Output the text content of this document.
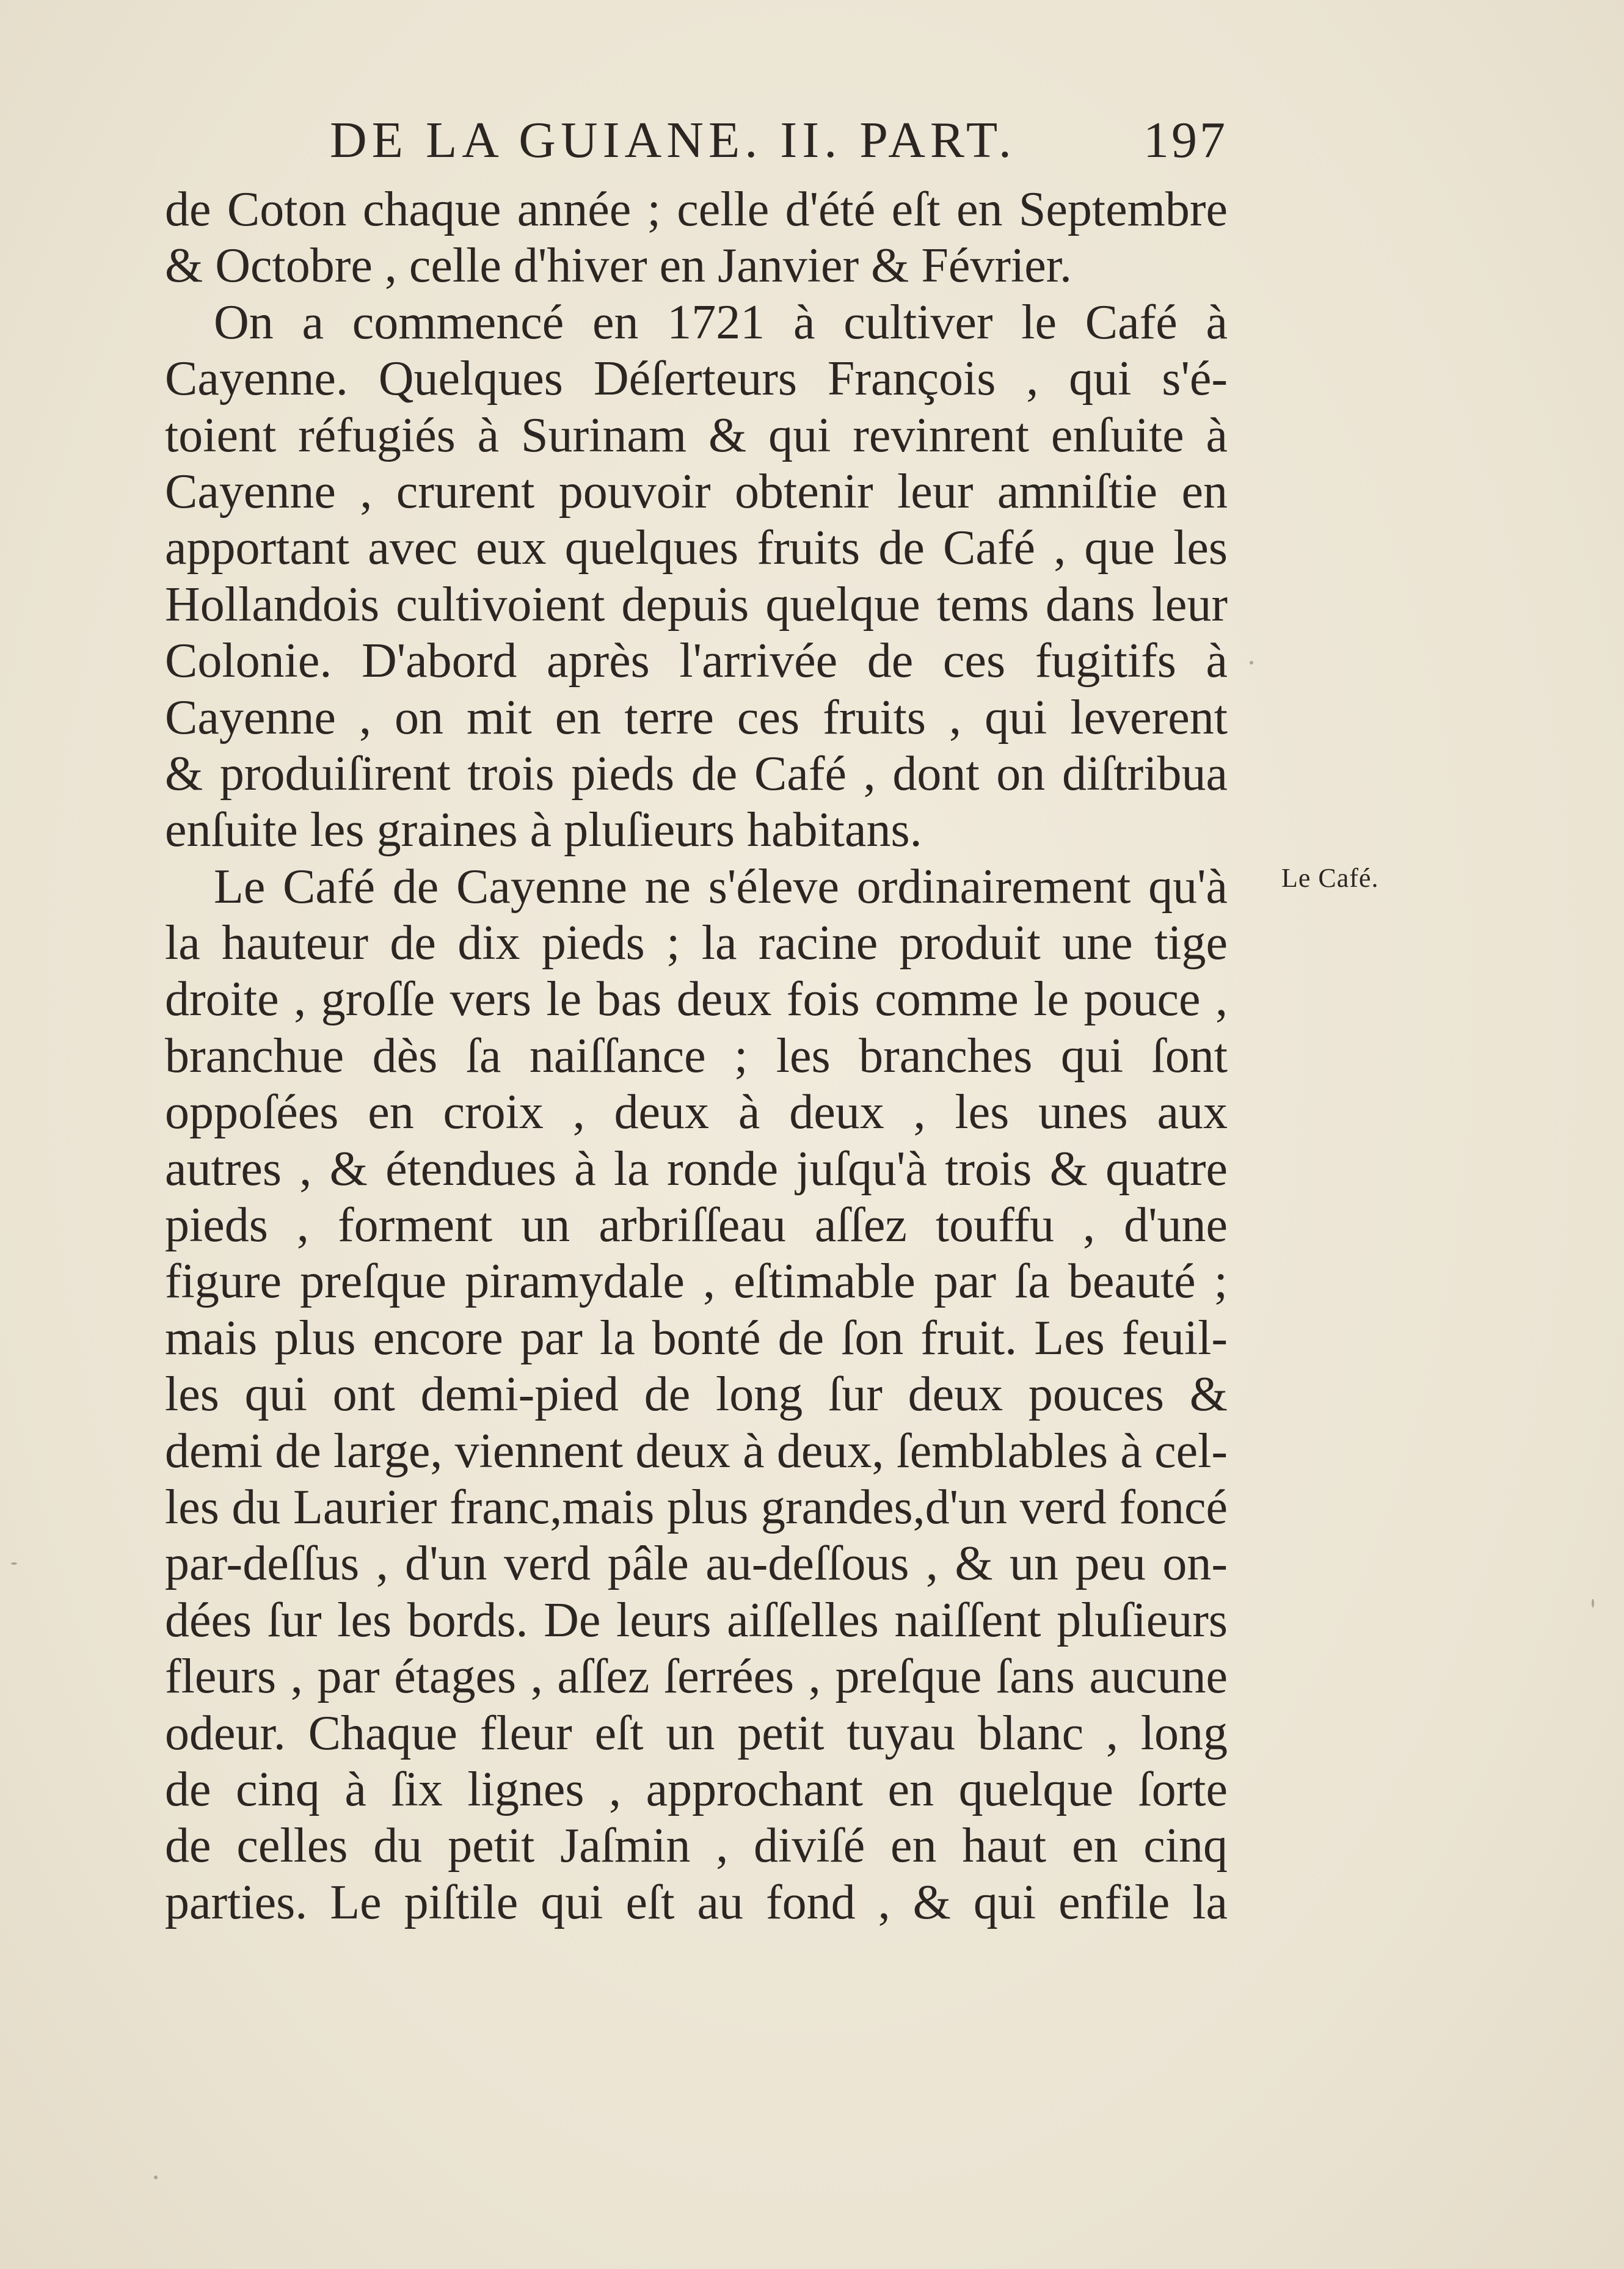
DE LA GUIANE. II. PART. 197
de Coton chaque année ; celle d'été eſt en Septembre
& Octobre , celle d'hiver en Janvier & Février.
On a commencé en 1721 à cultiver le Café à
Cayenne. Quelques Déſerteurs François , qui s'é-
toient réfugiés à Surinam & qui revinrent enſuite à
Cayenne , crurent pouvoir obtenir leur amniſtie en
apportant avec eux quelques fruits de Café , que les
Hollandois cultivoient depuis quelque tems dans leur
Colonie. D'abord après l'arrivée de ces fugitifs à
Cayenne , on mit en terre ces fruits , qui leverent
& produiſirent trois pieds de Café , dont on diſtribua
enſuite les graines à pluſieurs habitans.
Le Café de Cayenne ne s'éleve ordinairement qu'à
la hauteur de dix pieds ; la racine produit une tige
droite , groſſe vers le bas deux fois comme le pouce ,
branchue dès ſa naiſſance ; les branches qui ſont
oppoſées en croix , deux à deux , les unes aux
autres , & étendues à la ronde juſqu'à trois & quatre
pieds , forment un arbriſſeau aſſez touffu , d'une
figure preſque piramydale , eſtimable par ſa beauté ;
mais plus encore par la bonté de ſon fruit. Les feuil-
les qui ont demi-pied de long ſur deux pouces &
demi de large, viennent deux à deux, ſemblables à cel-
les du Laurier franc,mais plus grandes,d'un verd foncé
par-deſſus , d'un verd pâle au-deſſous , & un peu on-
dées ſur les bords. De leurs aiſſelles naiſſent pluſieurs
fleurs , par étages , aſſez ſerrées , preſque ſans aucune
odeur. Chaque fleur eſt un petit tuyau blanc , long
de cinq à ſix lignes , approchant en quelque ſorte
de celles du petit Jaſmin , diviſé en haut en cinq
parties. Le piſtile qui eſt au fond , & qui enfile la
Le Café.
